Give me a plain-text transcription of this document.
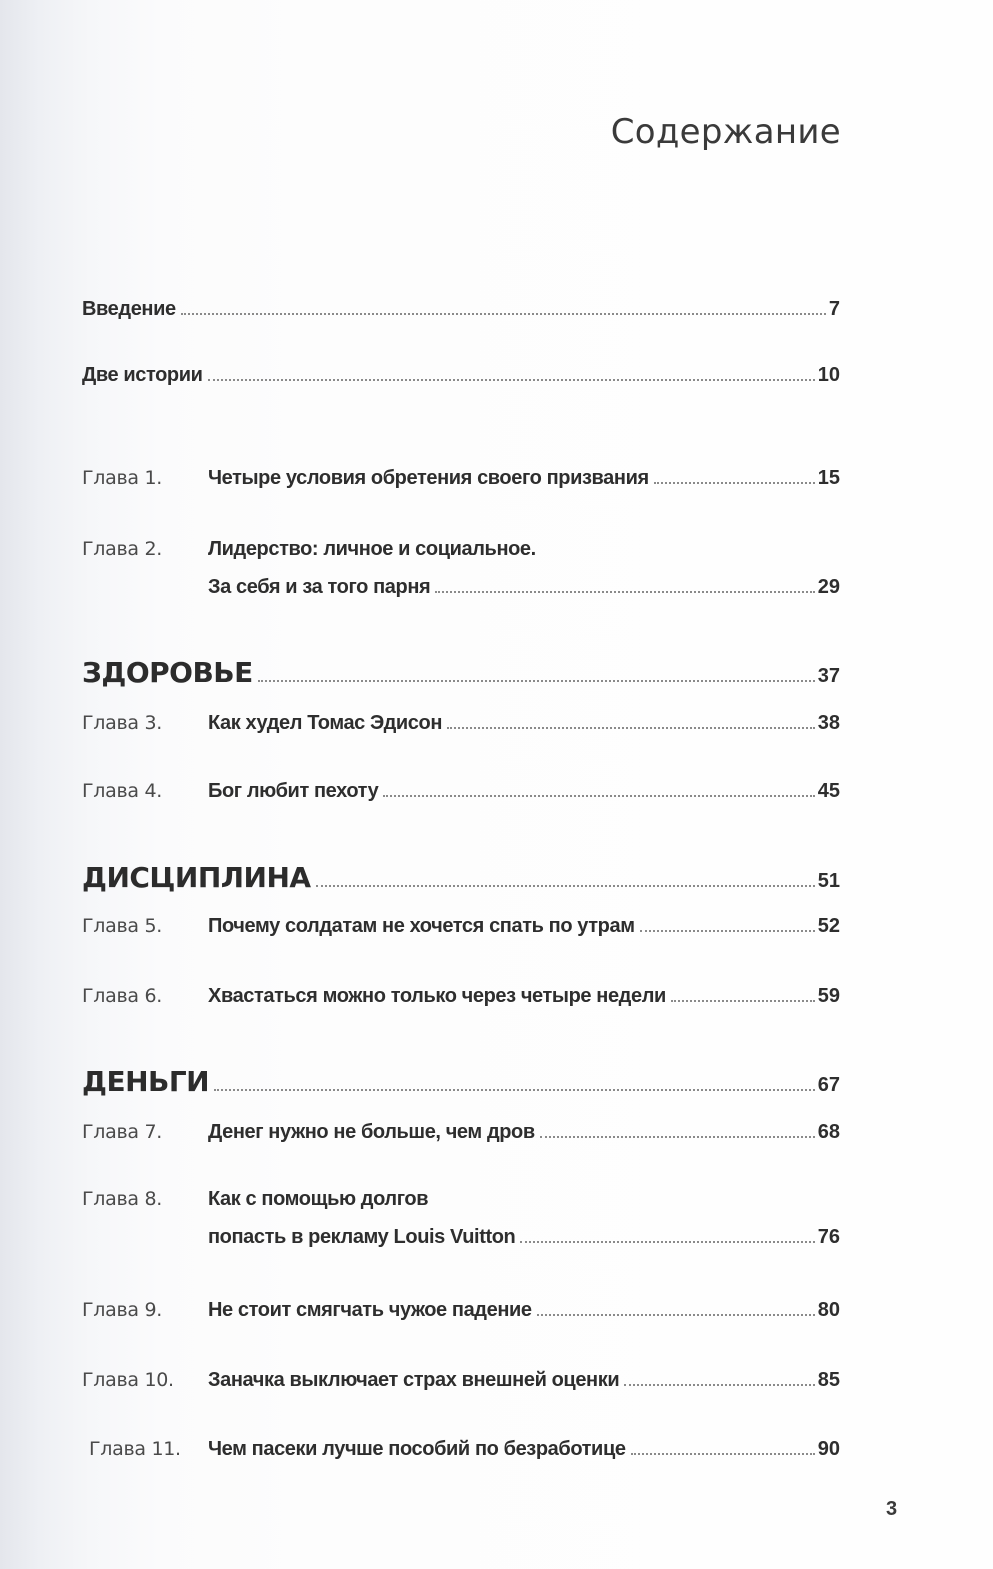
Содержание
Введение	7
Две истории	10
Глава 1.	Четыре условия обретения своего призвания	15
Глава 2.	Лидерство: личное и социальное.
За себя и за того парня	29
ЗДОРОВЬЕ	37
Глава 3.	Как худел Томас Эдисон	38
Глава 4.	Бог любит пехоту	45
ДИСЦИПЛИНА	51
Глава 5.	Почему солдатам не хочется спать по утрам	52
Глава 6.	Хвастаться можно только через четыре недели	59
ДЕНЬГИ	67
Глава 7.	Денег нужно не больше, чем дров	68
Глава 8.	Как с помощью долгов
попасть в рекламу Louis Vuitton	76
Глава 9.	Не стоит смягчать чужое падение	80
Глава 10.	Заначка выключает страх внешней оценки	85
Глава 11.	Чем пасеки лучше пособий по безработице	90
3
